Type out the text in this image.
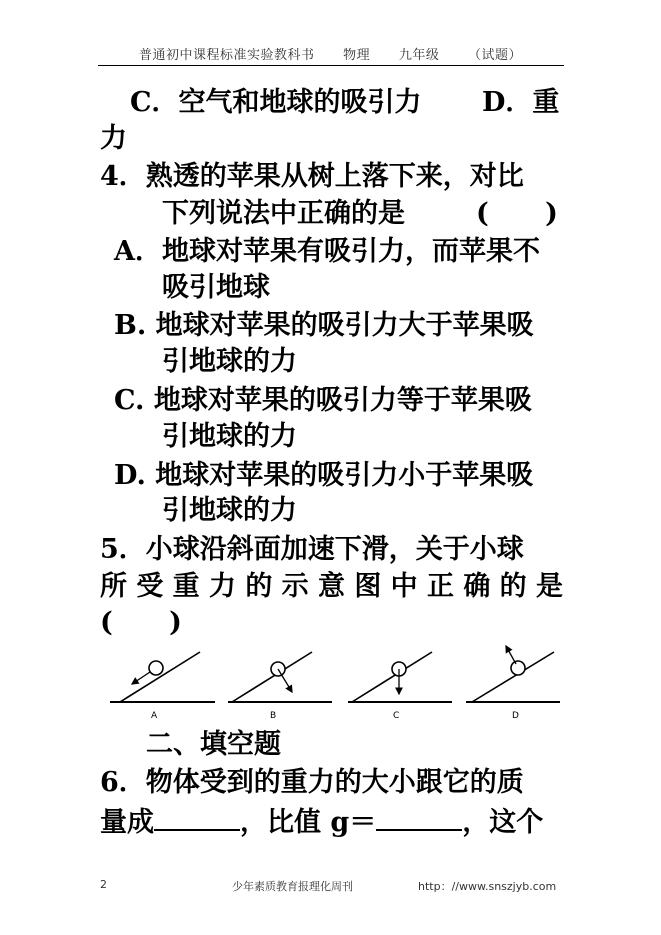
普通初中课程标准实验教科书 物理 九年级 （试题）
C．空气和地球的吸引力 D．重
力
4．熟透的苹果从树上落下来，对比
下列说法中正确的是	(      )
A．地球对苹果有吸引力，而苹果不
吸引地球
B. 地球对苹果的吸引力大于苹果吸
引地球的力
C. 地球对苹果的吸引力等于苹果吸
引地球的力
D. 地球对苹果的吸引力小于苹果吸
引地球的力
5．小球沿斜面加速下滑，关于小球
所受重力的示意图中正确的是
(      )
A	B	C	D
二、填空题
6．物体受到的重力的大小跟它的质
量成	，比值 g＝	，这个
2	少年素质教育报理化周刊	http：//www.snszjyb.com
